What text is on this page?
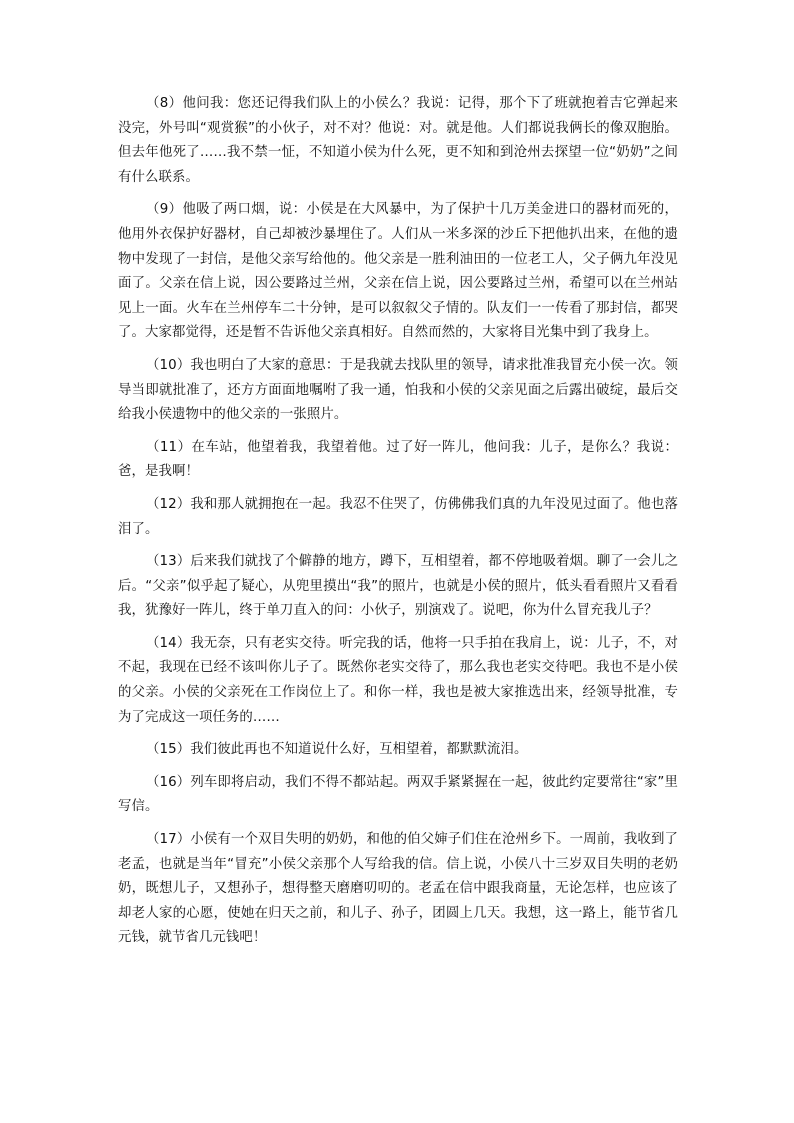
（8）他问我：您还记得我们队上的小侯么？我说：记得，那个下了班就抱着吉它弹起来没完，外号叫“观赏猴”的小伙子，对不对？他说：对。就是他。人们都说我俩长的像双胞胎。但去年他死了……我不禁一怔，不知道小侯为什么死，更不知和到沧州去探望一位“奶奶”之间有什么联系。

（9）他吸了两口烟，说：小侯是在大风暴中，为了保护十几万美金进口的器材而死的，他用外衣保护好器材，自己却被沙暴埋住了。人们从一米多深的沙丘下把他扒出来，在他的遗物中发现了一封信，是他父亲写给他的。他父亲是一胜利油田的一位老工人，父子俩九年没见面了。父亲在信上说，因公要路过兰州，父亲在信上说，因公要路过兰州，希望可以在兰州站见上一面。火车在兰州停车二十分钟，是可以叙叙父子情的。队友们一一传看了那封信，都哭了。大家都觉得，还是暂不告诉他父亲真相好。自然而然的，大家将目光集中到了我身上。

（10）我也明白了大家的意思：于是我就去找队里的领导，请求批准我冒充小侯一次。领导当即就批准了，还方方面面地嘱咐了我一通，怕我和小侯的父亲见面之后露出破绽，最后交给我小侯遗物中的他父亲的一张照片。

（11）在车站，他望着我，我望着他。过了好一阵儿，他问我：儿子，是你么？我说：爸，是我啊！

（12）我和那人就拥抱在一起。我忍不住哭了，仿佛佛我们真的九年没见过面了。他也落泪了。

（13）后来我们就找了个僻静的地方，蹲下，互相望着，都不停地吸着烟。聊了一会儿之后。“父亲”似乎起了疑心，从兜里摸出“我”的照片，也就是小侯的照片，低头看看照片又看看我，犹豫好一阵儿，终于单刀直入的问：小伙子，别演戏了。说吧，你为什么冒充我儿子？

（14）我无奈，只有老实交待。听完我的话，他将一只手拍在我肩上，说：儿子，不，对不起，我现在已经不该叫你儿子了。既然你老实交待了，那么我也老实交待吧。我也不是小侯的父亲。小侯的父亲死在工作岗位上了。和你一样，我也是被大家推选出来，经领导批准，专为了完成这一项任务的……

（15）我们彼此再也不知道说什么好，互相望着，都默默流泪。

（16）列车即将启动，我们不得不都站起。两双手紧紧握在一起，彼此约定要常往“家”里写信。

（17）小侯有一个双目失明的奶奶，和他的伯父婶子们住在沧州乡下。一周前，我收到了老孟，也就是当年“冒充”小侯父亲那个人写给我的信。信上说，小侯八十三岁双目失明的老奶奶，既想儿子，又想孙子，想得整天磨磨叨叨的。老孟在信中跟我商量，无论怎样，也应该了却老人家的心愿，使她在归天之前，和儿子、孙子，团圆上几天。我想，这一路上，能节省几元钱，就节省几元钱吧！
